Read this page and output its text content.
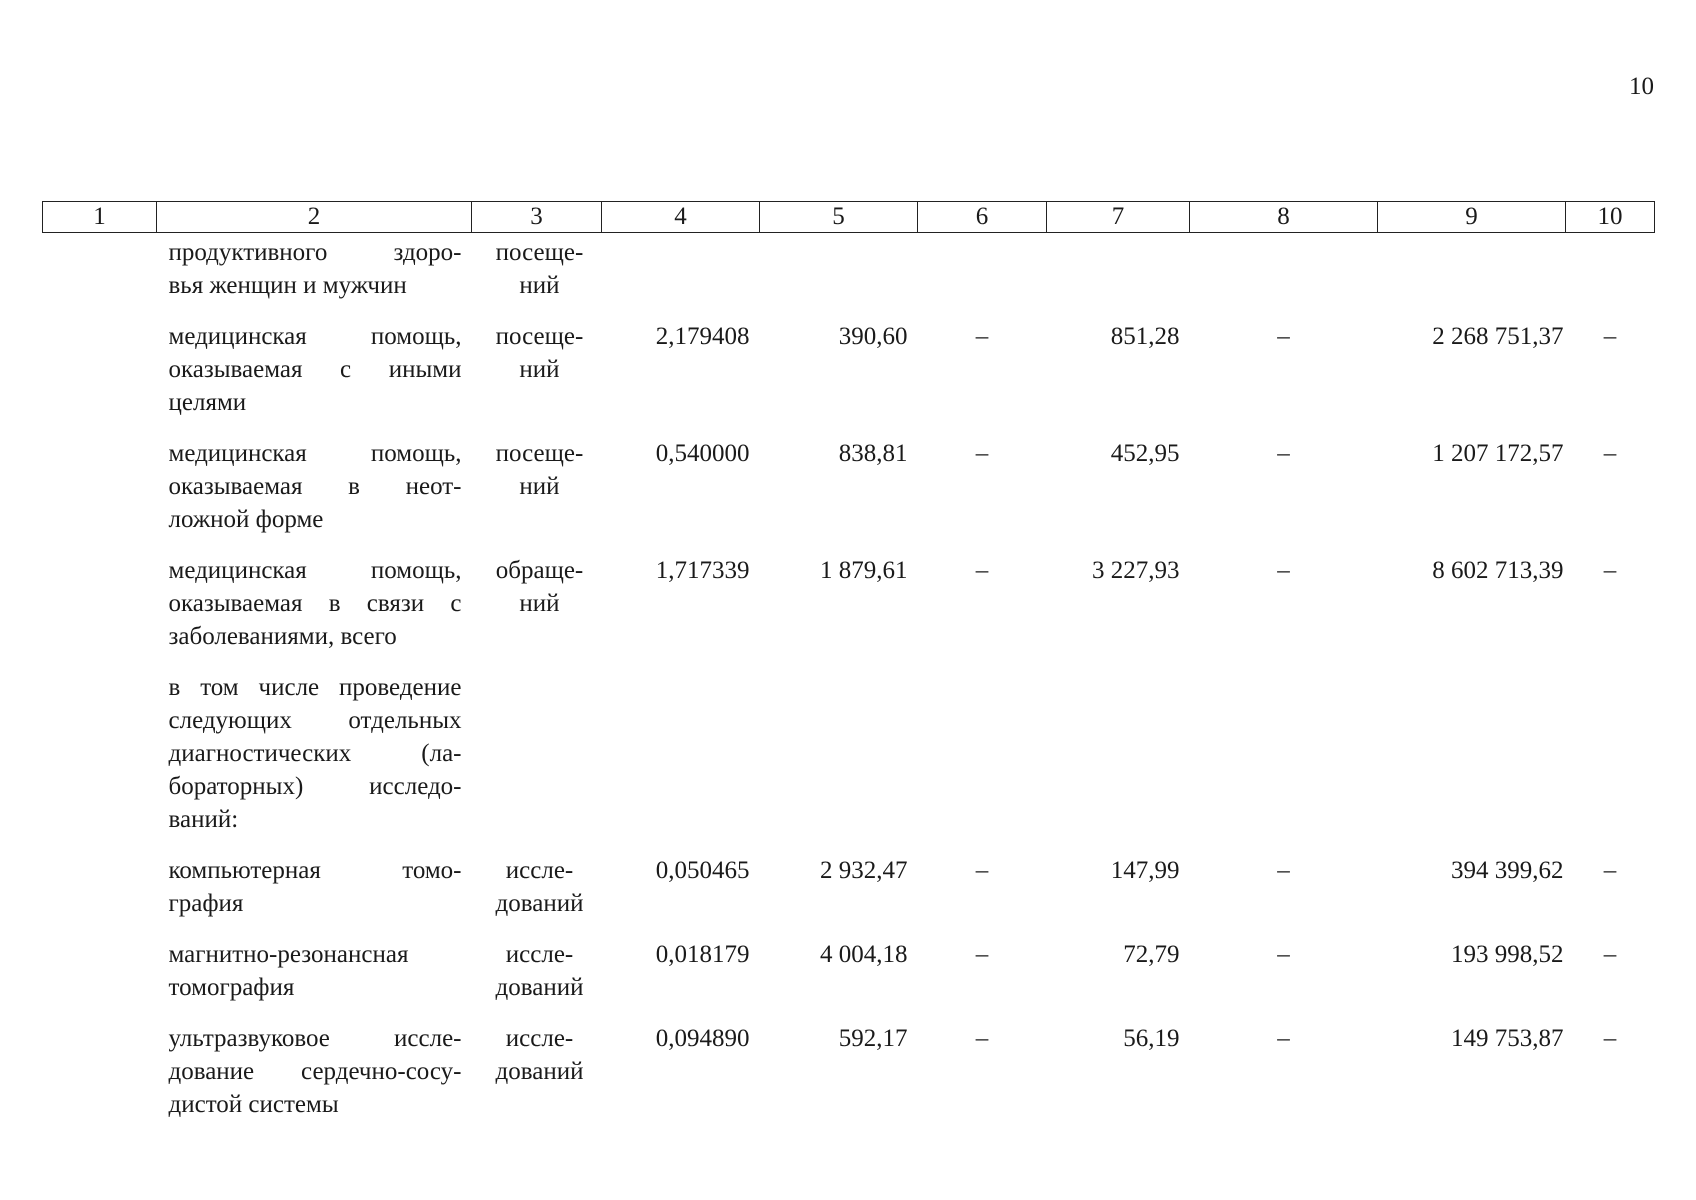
10
1	2	3	4	5	6	7	8	9	10

	продуктивного здоро-
вья женщин и мужчин	посеще-
ний							

	медицинская помощь,
оказываемая с иными
целями	посеще-
ний	2,179408	390,60	–	851,28	–	2 268 751,37	–

	медицинская помощь,
оказываемая в неот-
ложной форме	посеще-
ний	0,540000	838,81	–	452,95	–	1 207 172,57	–

	медицинская помощь,
оказываемая в связи с
заболеваниями, всего	обраще-
ний	1,717339	1 879,61	–	3 227,93	–	8 602 713,39	–

	в том числе проведение
следующих отдельных
диагностических (ла-
бораторных) исследо-
ваний:								

	компьютерная томо-
графия	иссле-
дований	0,050465	2 932,47	–	147,99	–	394 399,62	–

	магнитно-резонансная
томография	иссле-
дований	0,018179	4 004,18	–	72,79	–	193 998,52	–

	ультразвуковое иссле-
дование сердечно-сосу-
дистой системы	иссле-
дований	0,094890	592,17	–	56,19	–	149 753,87	–
